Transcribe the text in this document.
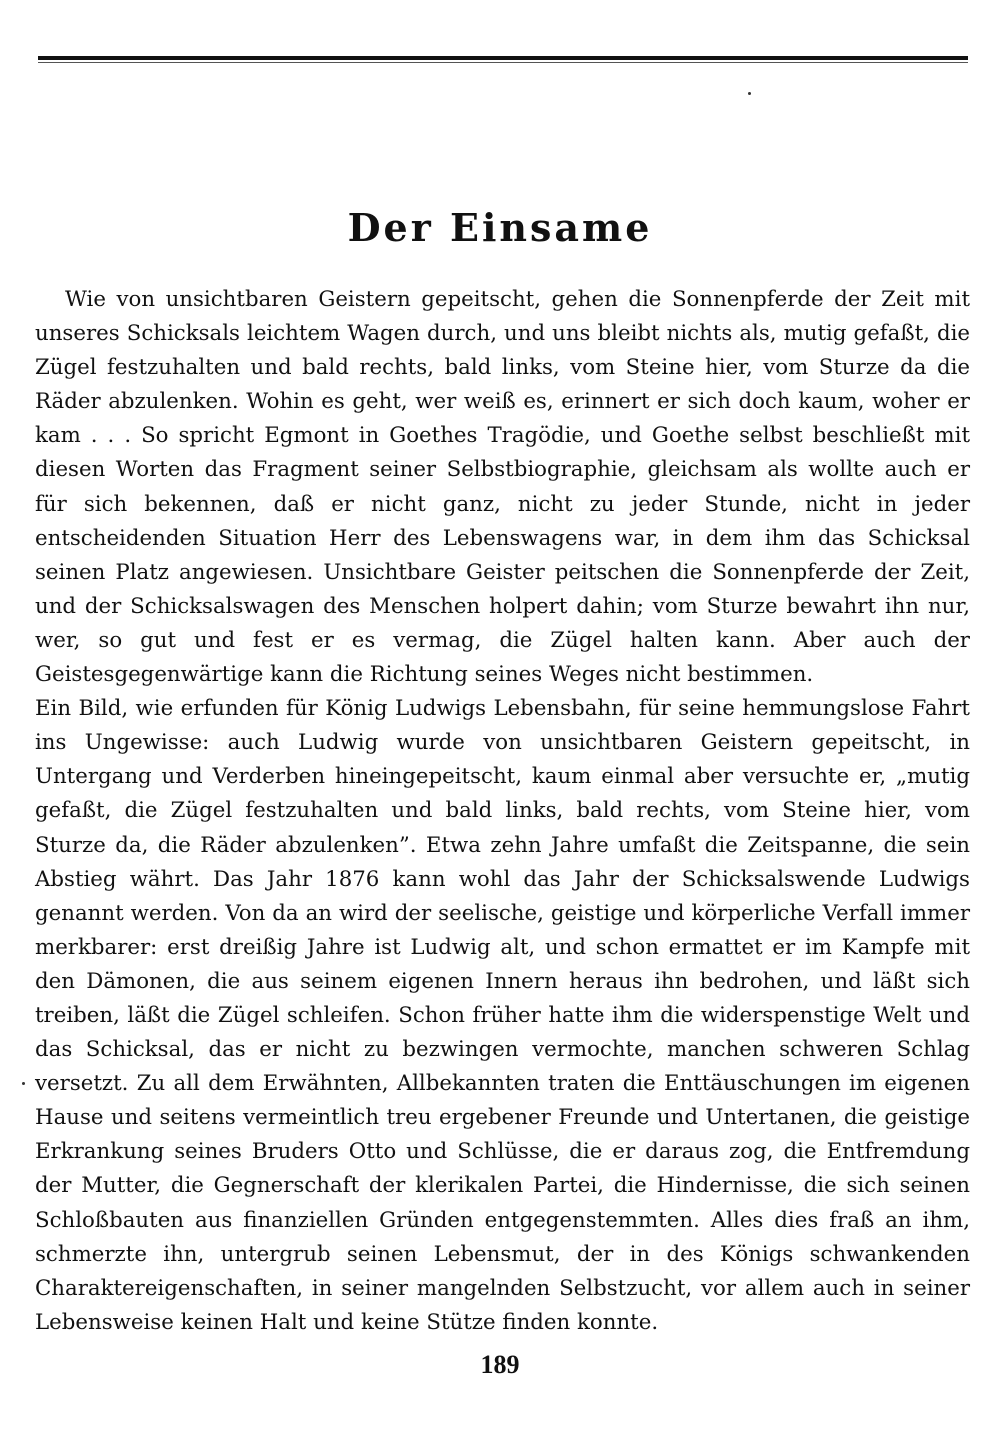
Der Einsame

Wie von unsichtbaren Geistern gepeitscht, gehen die Sonnenpferde der Zeit mit unseres Schicksals leichtem Wagen durch, und uns bleibt nichts als, mutig gefaßt, die Zügel festzuhalten und bald rechts, bald links, vom Steine hier, vom Sturze da die Räder abzulenken. Wohin es geht, wer weiß es, erinnert er sich doch kaum, woher er kam . . . So spricht Egmont in Goethes Tragödie, und Goethe selbst beschließt mit diesen Worten das Fragment seiner Selbstbiographie, gleichsam als wollte auch er für sich bekennen, daß er nicht ganz, nicht zu jeder Stunde, nicht in jeder entscheidenden Situation Herr des Lebenswagens war, in dem ihm das Schicksal seinen Platz angewiesen. Unsichtbare Geister peitschen die Sonnenpferde der Zeit, und der Schicksalswagen des Menschen holpert dahin; vom Sturze bewahrt ihn nur, wer, so gut und fest er es vermag, die Zügel halten kann. Aber auch der Geistesgegenwärtige kann die Richtung seines Weges nicht bestimmen.

Ein Bild, wie erfunden für König Ludwigs Lebensbahn, für seine hemmungslose Fahrt ins Ungewisse: auch Ludwig wurde von unsichtbaren Geistern gepeitscht, in Untergang und Verderben hineingepeitscht, kaum einmal aber versuchte er, „mutig gefaßt, die Zügel festzuhalten und bald links, bald rechts, vom Steine hier, vom Sturze da, die Räder abzulenken”. Etwa zehn Jahre umfaßt die Zeitspanne, die sein Abstieg währt. Das Jahr 1876 kann wohl das Jahr der Schicksalswende Ludwigs genannt werden. Von da an wird der seelische, geistige und körperliche Verfall immer merkbarer: erst dreißig Jahre ist Ludwig alt, und schon ermattet er im Kampfe mit den Dämonen, die aus seinem eigenen Innern heraus ihn bedrohen, und läßt sich treiben, läßt die Zügel schleifen. Schon früher hatte ihm die widerspenstige Welt und das Schicksal, das er nicht zu bezwingen vermochte, manchen schweren Schlag versetzt. Zu all dem Erwähnten, Allbekannten traten die Enttäuschungen im eigenen Hause und seitens vermeintlich treu ergebener Freunde und Untertanen, die geistige Erkrankung seines Bruders Otto und Schlüsse, die er daraus zog, die Entfremdung der Mutter, die Gegnerschaft der klerikalen Partei, die Hindernisse, die sich seinen Schloßbauten aus finanziellen Gründen entgegenstemmten. Alles dies fraß an ihm, schmerzte ihn, untergrub seinen Lebensmut, der in des Königs schwankenden Charaktereigenschaften, in seiner mangelnden Selbstzucht, vor allem auch in seiner Lebensweise keinen Halt und keine Stütze finden konnte.

189
